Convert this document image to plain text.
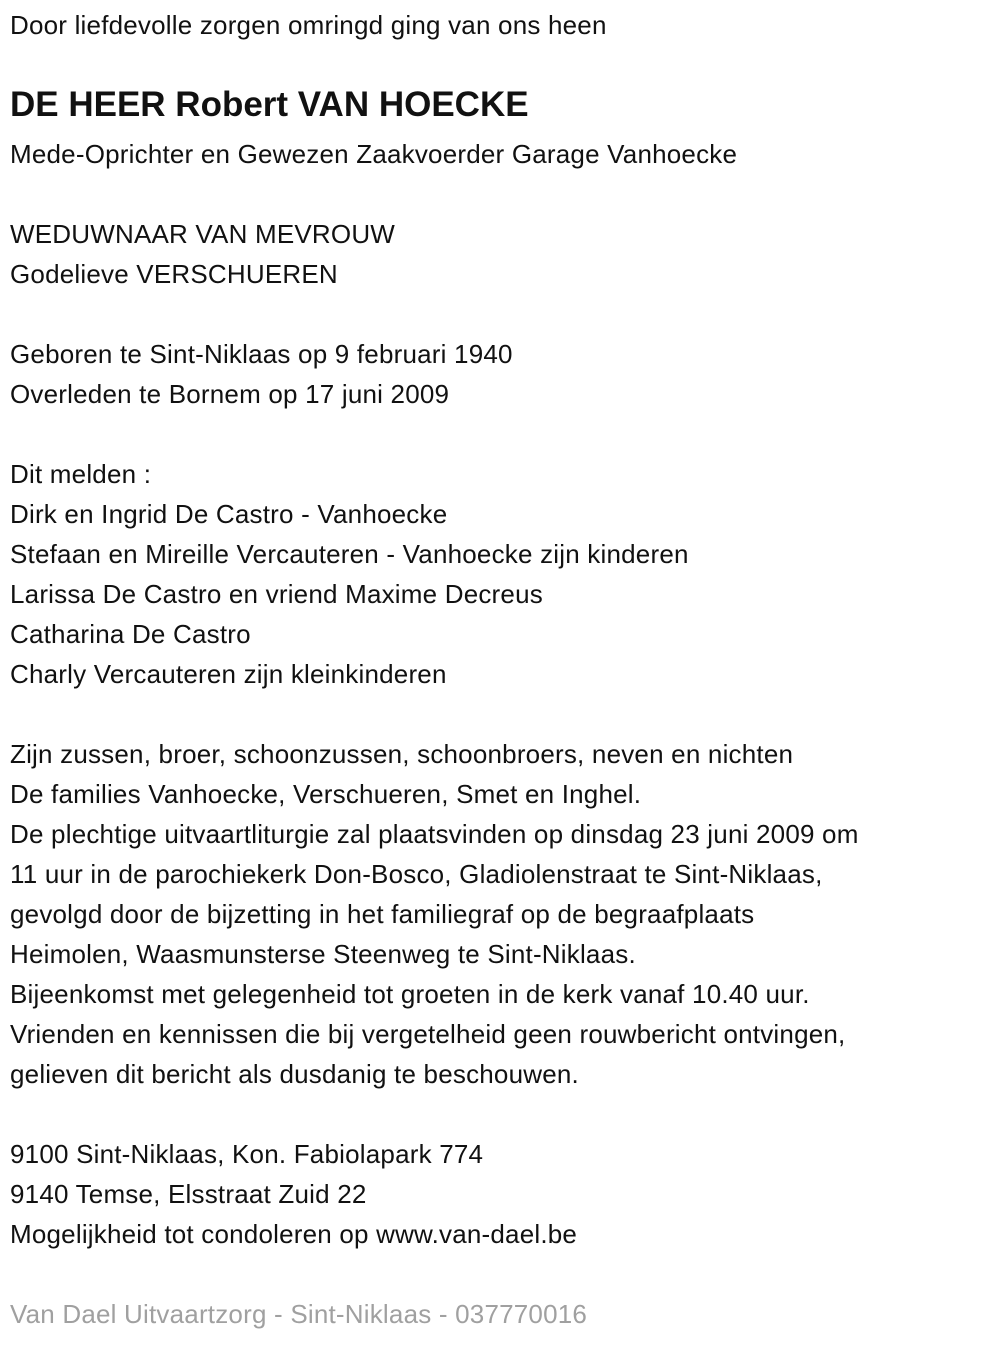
Door liefdevolle zorgen omringd ging van ons heen
DE HEER Robert VAN HOECKE
Mede-Oprichter en Gewezen Zaakvoerder Garage Vanhoecke
WEDUWNAAR VAN MEVROUW
Godelieve VERSCHUEREN
Geboren te Sint-Niklaas op 9 februari 1940
Overleden te Bornem op 17 juni 2009
Dit melden :
Dirk en Ingrid De Castro - Vanhoecke
Stefaan en Mireille Vercauteren - Vanhoecke zijn kinderen
Larissa De Castro en vriend Maxime Decreus
Catharina De Castro
Charly Vercauteren zijn kleinkinderen
Zijn zussen, broer, schoonzussen, schoonbroers, neven en nichten
De families Vanhoecke, Verschueren, Smet en Inghel.
De plechtige uitvaartliturgie zal plaatsvinden op dinsdag 23 juni 2009 om
11 uur in de parochiekerk Don-Bosco, Gladiolenstraat te Sint-Niklaas,
gevolgd door de bijzetting in het familiegraf op de begraafplaats
Heimolen, Waasmunsterse Steenweg te Sint-Niklaas.
Bijeenkomst met gelegenheid tot groeten in de kerk vanaf 10.40 uur.
Vrienden en kennissen die bij vergetelheid geen rouwbericht ontvingen,
gelieven dit bericht als dusdanig te beschouwen.
9100 Sint-Niklaas, Kon. Fabiolapark 774
9140 Temse, Elsstraat Zuid 22
Mogelijkheid tot condoleren op www.van-dael.be
Van Dael Uitvaartzorg - Sint-Niklaas - 037770016
